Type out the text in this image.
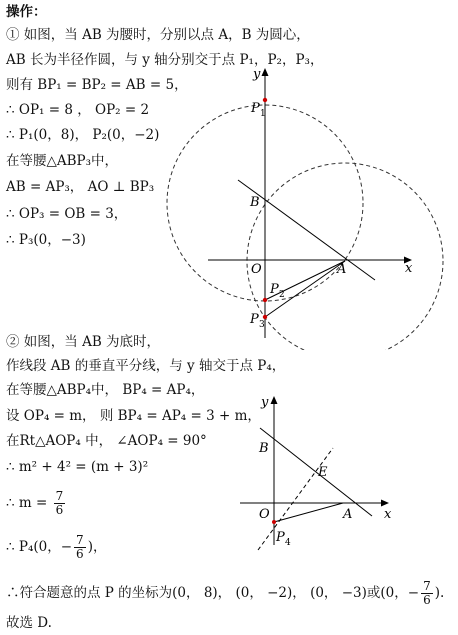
操作：
① 如图，当 AB 为腰时，分别以点 A，B 为圆心，
AB 长为半径作圆，与 y 轴分别交于点 P₁，P₂，P₃，
则有 BP₁ = BP₂ = AB = 5，
∴ OP₁ = 8 ， OP₂ = 2
∴ P₁(0，8)， P₂(0，−2)
在等腰△ABP₃中，
AB = AP₃， AO ⊥ BP₃
∴ OP₃ = OB = 3，
∴ P₃(0，−3)
y
x
O	A
B
P 1
P 2
P 3
② 如图，当 AB 为底时，
作线段 AB 的垂直平分线，与 y 轴交于点 P₄，
在等腰△ABP₄中， BP₄ = AP₄，
设 OP₄ = m， 则 BP₄ = AP₄ = 3 + m，
在Rt△AOP₄ 中， ∠AOP₄ = 90°
∴ m² + 4² = (m + 3)²
∴ $m = \frac{7}{6}$
∴ P₄(0，− $\frac{7}{6}$ )，
y
x
O	A
B
E
P 4
∴符合题意的点 P 的坐标为(0， 8)， (0， −2)， (0， −3)或(0，− $\frac{7}{6}$ ).
故选 D.
